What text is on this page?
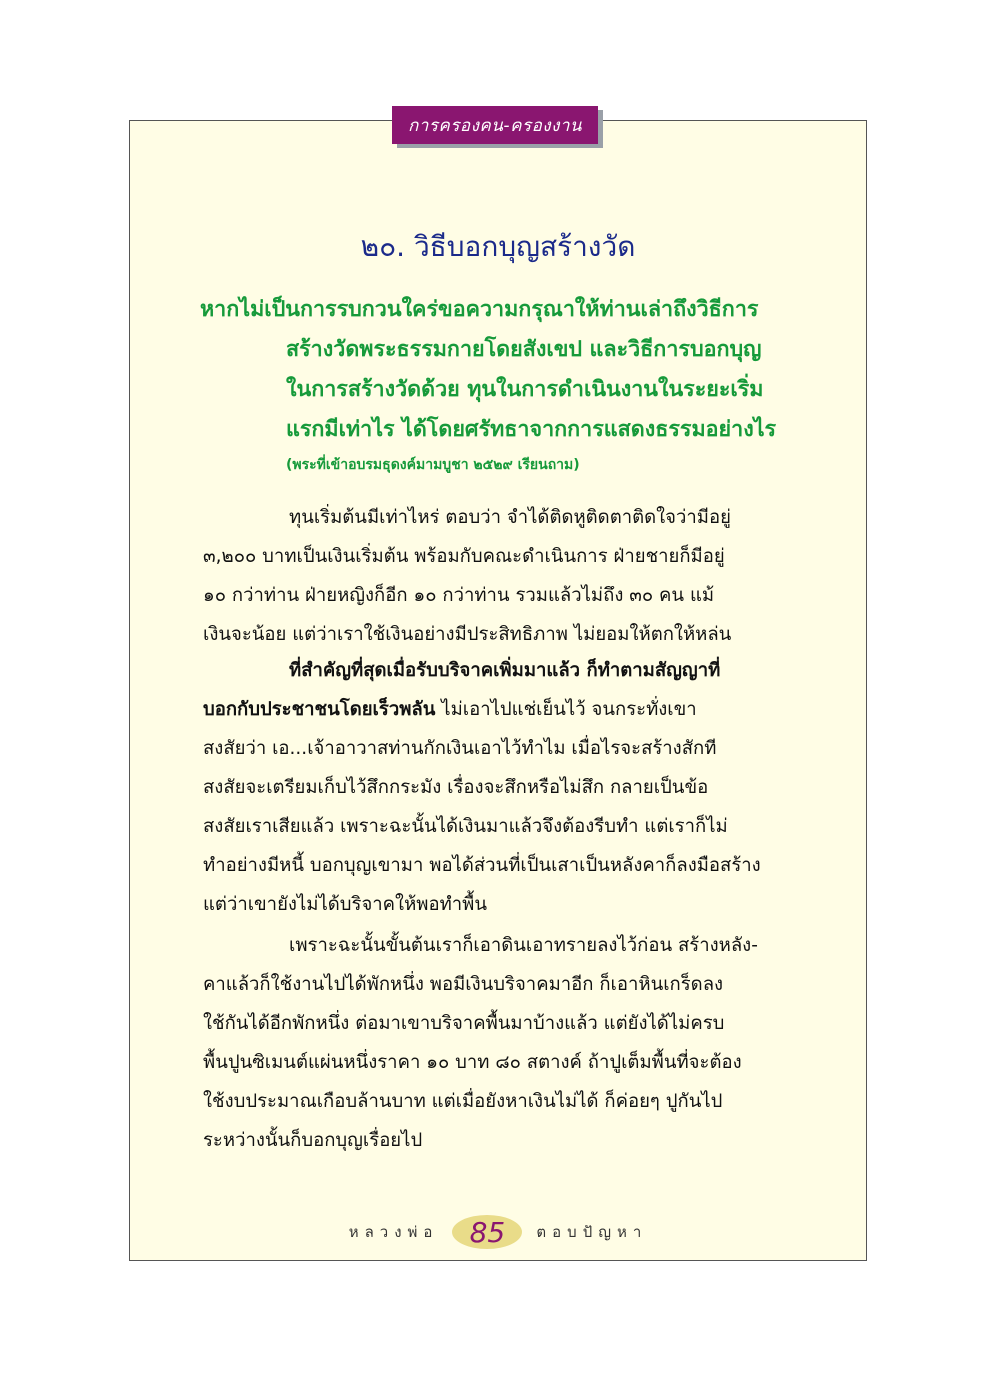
การครองคน-ครองงาน
๒๐. วิธีบอกบุญสร้างวัด
หากไม่เป็นการรบกวนใคร่ขอความกรุณาให้ท่านเล่าถึงวิธีการ
สร้างวัดพระธรรมกายโดยสังเขป และวิธีการบอกบุญ
ในการสร้างวัดด้วย ทุนในการดำเนินงานในระยะเริ่ม
แรกมีเท่าไร ได้โดยศรัทธาจากการแสดงธรรมอย่างไร
(พระที่เข้าอบรมธุดงค์มามบูชา ๒๕๒๙ เรียนถาม)
ทุนเริ่มต้นมีเท่าไหร่ ตอบว่า จำได้ติดหูติดตาติดใจว่ามีอยู่
๓,๒๐๐ บาทเป็นเงินเริ่มต้น พร้อมกับคณะดำเนินการ ฝ่ายชายก็มีอยู่
๑๐ กว่าท่าน ฝ่ายหญิงก็อีก ๑๐ กว่าท่าน รวมแล้วไม่ถึง ๓๐ คน แม้
เงินจะน้อย แต่ว่าเราใช้เงินอย่างมีประสิทธิภาพ ไม่ยอมให้ตกให้หล่น
ที่สำคัญที่สุดเมื่อรับบริจาคเพิ่มมาแล้ว ก็ทำตามสัญญาที่
บอกกับประชาชนโดยเร็วพลัน ไม่เอาไปแช่เย็นไว้ จนกระทั่งเขา
สงสัยว่า เอ...เจ้าอาวาสท่านกักเงินเอาไว้ทำไม เมื่อไรจะสร้างสักที
สงสัยจะเตรียมเก็บไว้สึกกระมัง เรื่องจะสึกหรือไม่สึก กลายเป็นข้อ
สงสัยเราเสียแล้ว เพราะฉะนั้นได้เงินมาแล้วจึงต้องรีบทำ แต่เราก็ไม่
ทำอย่างมีหนี้ บอกบุญเขามา พอได้ส่วนที่เป็นเสาเป็นหลังคาก็ลงมือสร้าง
แต่ว่าเขายังไม่ได้บริจาคให้พอทำพื้น
เพราะฉะนั้นขั้นต้นเราก็เอาดินเอาทรายลงไว้ก่อน สร้างหลัง-
คาแล้วก็ใช้งานไปได้พักหนึ่ง พอมีเงินบริจาคมาอีก ก็เอาหินเกร็ดลง
ใช้กันได้อีกพักหนึ่ง ต่อมาเขาบริจาคพื้นมาบ้างแล้ว แต่ยังได้ไม่ครบ
พื้นปูนซิเมนต์แผ่นหนึ่งราคา ๑๐ บาท ๘๐ สตางค์ ถ้าปูเต็มพื้นที่จะต้อง
ใช้งบประมาณเกือบล้านบาท แต่เมื่อยังหาเงินไม่ได้ ก็ค่อยๆ ปูกันไป
ระหว่างนั้นก็บอกบุญเรื่อยไป
หลวงพ่อ	85	ตอบปัญหา
